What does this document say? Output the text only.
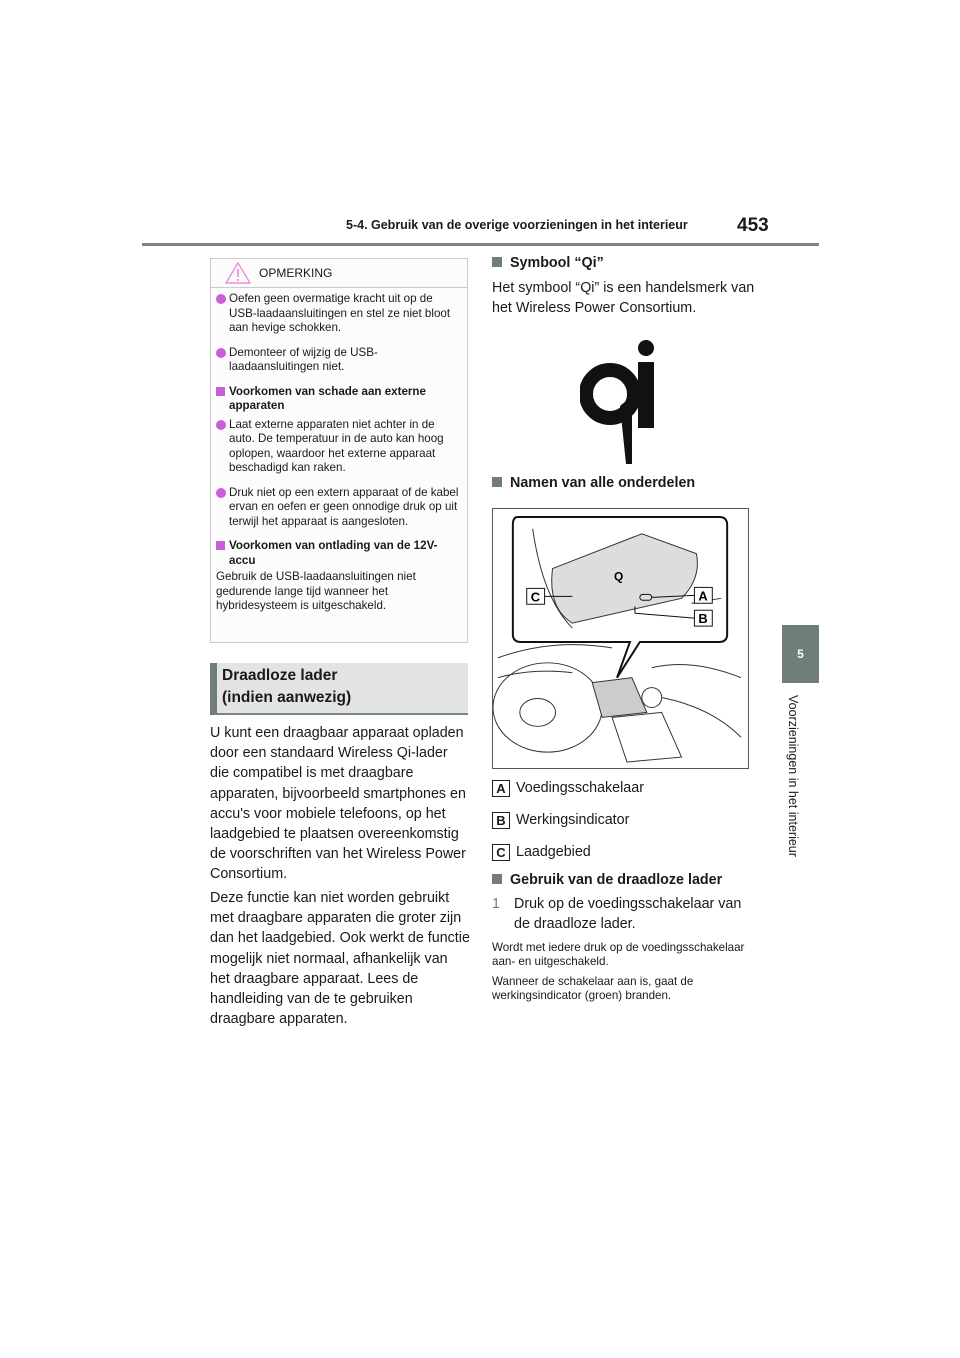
5-4. Gebruik van de overige voorzieningen in het interieur	453
5
Voorzieningen in het interieur
OPMERKING
Oefen geen overmatige kracht uit op de USB-laadaansluitingen en stel ze niet bloot aan hevige schokken.
Demonteer of wijzig de USB-laadaansluitingen niet.
Voorkomen van schade aan externe apparaten
Laat externe apparaten niet achter in de auto. De temperatuur in de auto kan hoog oplopen, waardoor het externe apparaat beschadigd kan raken.
Druk niet op een extern apparaat of de kabel ervan en oefen er geen onnodige druk op uit terwijl het apparaat is aangesloten.
Voorkomen van ontlading van de 12V-accu
Gebruik de USB-laadaansluitingen niet gedurende lange tijd wanneer het hybridesysteem is uitgeschakeld.
Draadloze lader
(indien aanwezig)
U kunt een draagbaar apparaat opladen door een standaard Wireless Qi-lader die compatibel is met draagbare apparaten, bijvoorbeeld smartphones en accu's voor mobiele telefoons, op het laadgebied te plaatsen overeenkomstig de voorschriften van het Wireless Power Consortium.
Deze functie kan niet worden gebruikt met draagbare apparaten die groter zijn dan het laadgebied. Ook werkt de functie mogelijk niet normaal, afhankelijk van het draagbare apparaat. Lees de handleiding van de te gebruiken draagbare apparaten.
Symbool “Qi”
Het symbool “Qi” is een handelsmerk van het Wireless Power Consortium.
Namen van alle onderdelen
Q
C	A
B
A Voedingsschakelaar
B Werkingsindicator
C Laadgebied
Gebruik van de draadloze lader
1 Druk op de voedingsschakelaar van de draadloze lader.
Wordt met iedere druk op de voedingsschakelaar aan- en uitgeschakeld.
Wanneer de schakelaar aan is, gaat de werkingsindicator (groen) branden.
